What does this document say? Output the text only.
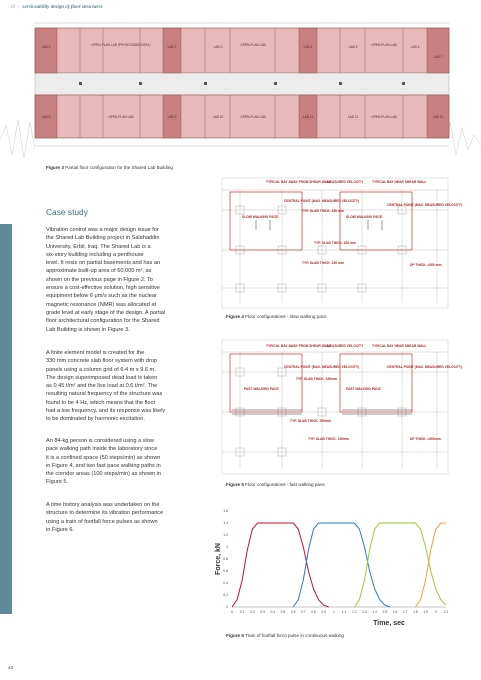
18 | serviceability design of floor structures
LAB 1	OPEN-PLAN LAB (PHYSICS/BIOCHEM.)	LAB 2	LAB 3	OPEN-PLAN LAB	LAB 4	LAB 5	OPEN-PLAN LAB	LAB 6
LAB 7
LAB 8	OPEN-PLAN LAB	LAB 9	LAB 10	OPEN-PLAN LAB	LAB 11	LAB 12	OPEN-PLAN LAB	LAB 13
Figure 3 Partial floor configuration for the Shared Lab Building
Case study

Vibration control was a major design issue for

the Shared Lab Building project in Salahaddin

University, Erbil, Iraq. The Shared Lab is a

six-story building including a penthouse

level. It rests on partial basements and has an

approximate built-up area of 60,000 m², as

shown on the previous page in Figure 2. To

ensure a cost-effective solution, high sensitive

equipment below 6 μm/s such as the nuclear

magnetic resonance (NMR) was allocated at

grade level at early stage of the design. A partial

floor architectural configuration for the Shared

Lab Building is shown in Figure 3.

A finite element model is created for the

330 mm concrete slab floor system with drop

panels using a column grid of 6.4 m x 9.6 m.

The design superimposed dead load is taken

as 0.45 t/m² and the live load at 0.6 t/m². The

resulting natural frequency of the structure was

found to be 4 Hz, which means that the floor

had a low frequency, and its response was likely

to be dominated by harmonic excitation.

An 84-kg person is considered using a slow

pace walking path inside the laboratory since

it is a confined space (50 steps/min) as shown

in Figure 4, and two fast pace walking paths in

the corridor areas (100 steps/min) as shown in

Figure 5.

A time history analysis was undertaken on the

structure to determine its vibration performance

using a train of footfall force pulses as shown

in Figure 6.

TYPICAL BAY AWAY FROM SHEAR WALL
MEASURED VELOCITY	TYPICAL BAY NEAR SHEAR WALL
CENTRAL POINT (MAX. MEASURED VELOCITY)
CENTRAL POINT (MAX. MEASURED VELOCITY)
TYP. SLAB THICK. 330 mm
SLOW WALKING PACE	SLOW WALKING PACE
TYP. SLAB THICK. 200 mm
TYP. SLAB THICK. 230 mm	DP THICK. =500 mm
Figure 4 Floor configurations - slow walking pace
TYPICAL BAY AWAY FROM SHEAR WALL
MEASURED VELOCITY	TYPICAL BAY NEAR SHEAR WALL
CENTRAL POINT (MAX. MEASURED VELOCITY)	CENTRAL POINT (MAX. MEASURED VELOCITY)
TYP. SLAB THICK. 330mm
FAST WALKING PACE	FAST WALKING PACE
TYP. SLAB THICK. 200mm
TYP. SLAB THICK. 230mm	DP THICK. =500mm
Figure 5 Floor configurations - fast walking pace
0
0.2
0.4
0.6
0.8
1
1.2
1.4
1.6
0 0.1 0.2 0.3 0.4 0.5 0.6 0.7 0.8 0.9 1 1.1 1.2 1.3 1.4 1.5 1.6 1.7 1.8 1.9 2 2.1
Time, sec
Force, kN
Figure 6 Train of footfall force pulse in continuous walking
42
